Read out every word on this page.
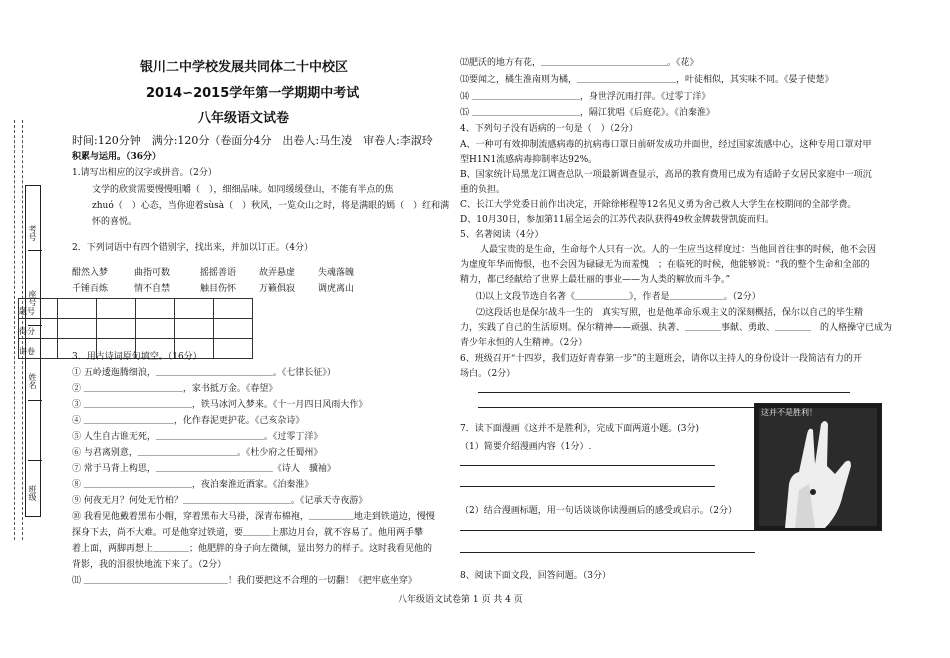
考号
座号
姓名
班级
题号					
得分					
评卷					
银川二中学校发展共同体二十中校区
2014∽2015学年第一学期期中考试
八年级语文试卷
时间:120分钟　满分:120分（卷面分4分　出卷人:马生凌　审卷人:李淑玲
积累与运用。（36分）
1.请写出相应的汉字或拼音。（2分）
文学的欣赏需要慢慢咀嚼（　），细细品味。如同缓缓登山，不能有半点的焦
zhuó（　）心态，当你迎着sùsà（　）秋风，一览众山之时，将是满眼的嫣（　）红和满
怀的喜悦。
2．下列词语中有四个错别字，找出来，并加以订正。（4分）
酣然入梦	曲指可数	摇摇善语	故弄悬虚	失魂落魄
千锤百炼	情不自禁	触目伤怀	万籁俱寂	调虎离山
3．用古诗词原句填空。（16分）
① 五岭逶迤腾细浪，＿＿＿＿＿＿＿＿＿＿＿＿＿。《七律长征》）
② ＿＿＿＿＿＿＿＿＿＿＿，家书抵万金。《春望》
③ ＿＿＿＿＿＿＿＿＿＿＿＿，铁马冰河入梦来。《十一月四日风雨大作》
④ ＿＿＿＿＿＿＿＿＿＿，化作春泥更护花。《己亥杂诗》
⑤ 人生自古谁无死，＿＿＿＿＿＿＿＿＿＿＿＿。《过零丁洋》
⑥ 与君离别意，＿＿＿＿＿＿＿＿＿＿＿。《杜少府之任蜀州》
⑦ 常于马背上构思，＿＿＿＿＿＿＿＿＿＿＿＿＿《诗人　骥袖》
⑧ ＿＿＿＿＿＿＿＿＿＿＿＿，夜泊秦淮近酒家。《泊秦淮》
⑨ 何夜无月？何处无竹柏？＿＿＿＿＿＿＿＿＿＿＿＿。《记承天寺夜游》
⑩ 我看见他戴着黑布小帽，穿着黑布大马褂，深青布棉袍，＿＿＿＿＿地走到铁道边，慢慢
探身下去，尚不大难。可是他穿过铁道，要＿＿＿上那边月台，就不容易了。他用两手攀
着上面，两脚再想上＿＿＿＿；他肥胖的身子向左微倾，显出努力的样子。这时我看见他的
背影，我的泪很快地流下来了。（2分）
⑾ ＿＿＿＿＿＿＿＿＿＿＿＿＿＿＿＿！我们要把这不合理的一切翻！《把牢底坐穿》
⑿肥沃的地方有花，＿＿＿＿＿＿＿＿＿＿＿＿＿＿。《花》
⒀要闻之，橘生淮南则为橘，＿＿＿＿＿＿＿＿＿＿＿，叶徒相似，其实味不同。《晏子使楚》
⒁ ＿＿＿＿＿＿＿＿＿＿＿＿，身世浮沉雨打萍。《过零丁洋》
⒂ ＿＿＿＿＿＿＿＿＿＿＿＿，隔江犹唱《后庭花》。《泊秦淮》
4、下列句子没有语病的一句是（　）（2分）
A、一种可有效抑制流感病毒的抗病毒口罩日前研发成功并面世，经过国家流感中心，这种专用口罩对甲
型H1N1流感病毒抑制率达92%。
B、国家统计局黑龙江调查总队一项最新调查显示，高昂的教育费用已成为有适龄子女居民家庭中一项沉
重的负担。
C、长江大学党委日前作出决定，开除徐彬程等12名见义勇为舍己救人大学生在校期间的全部学费。
D、10月30日，参加第11届全运会的江苏代表队获得49枚金牌载誉凯旋而归。
5、名著阅读（4分）
人最宝贵的是生命，生命每个人只有一次。人的一生应当这样度过：当他回首往事的时候，他不会因
为虚度年华而悔恨，也不会因为碌碌无为而羞愧　；在临死的时候，他能够说：“我的整个生命和全部的
精力，都已经献给了世界上最壮丽的事业——为人类的解放而斗争。”
⑴以上文段节选自名著《＿＿＿＿＿＿》，作者是＿＿＿＿＿＿。（2分）
⑵这段话也是保尔战斗一生的　真实写照，也是他革命乐观主义的深刻概括，保尔以自己的毕生精
力，实践了自己的生活原则。保尔精神——顽强、执著、＿＿＿＿事献、勇敢、＿＿＿＿　的人格操守已成为
青少年永恒的人生精神。（2分）
6、班级召开“十四岁，我们迈好青春第一步”的主题班会，请你以主持人的身份设计一段简洁有力的开
场白。（2分）
7．读下面漫画《这并不是胜利》，完成下面两道小题。(3分)
（1）简要介绍漫画内容（1分）.
（2）结合漫画标题，用一句话谈谈你读漫画后的感受或启示。（2分）
8、阅读下面文段，回答问题。（3分）
这并不是胜利！
八年级语文试卷第 1 页 共 4 页
